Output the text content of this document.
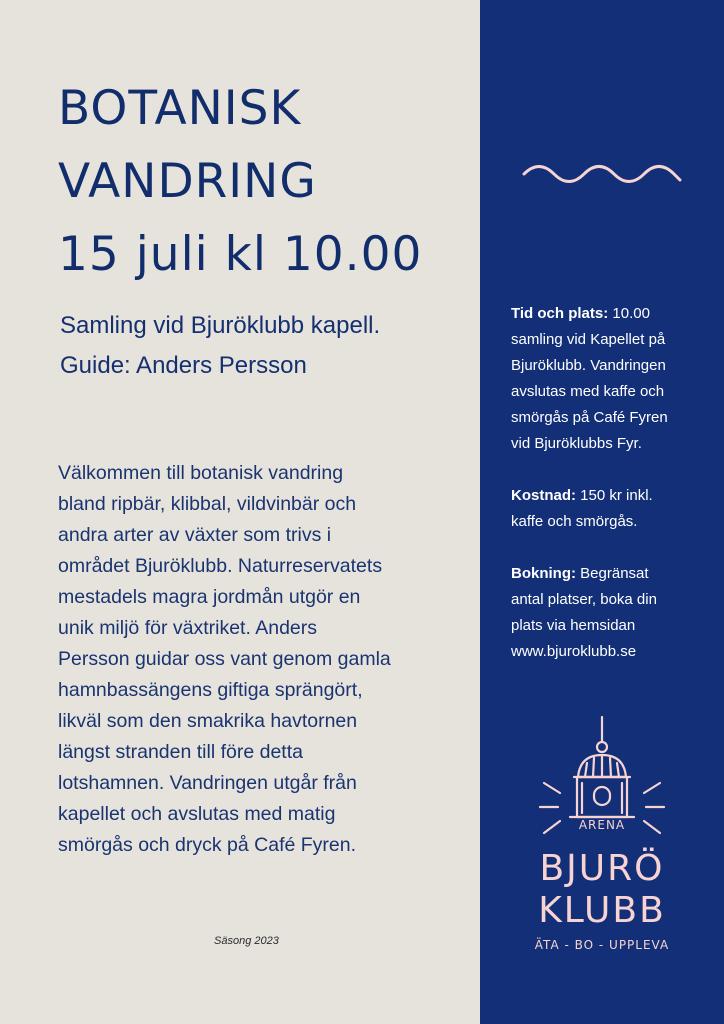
BOTANISK
VANDRING
15 juli kl 10.00
Samling vid Bjuröklubb kapell.
Guide: Anders Persson
Välkommen till botanisk vandring
bland ripbär, klibbal, vildvinbär och
andra arter av växter som trivs i
området Bjuröklubb. Naturreservatets
mestadels magra jordmån utgör en
unik miljö för växtriket. Anders
Persson guidar oss vant genom gamla
hamnbassängens giftiga sprängört,
likväl som den smakrika havtornen
längst stranden till före detta
lotshamnen. Vandringen utgår från
kapellet och avslutas med matig
smörgås och dryck på Café Fyren.
Säsong 2023

Tid och plats: 10.00
samling vid Kapellet på
Bjuröklubb. Vandringen
avslutas med kaffe och
smörgås på Café Fyren
vid Bjuröklubbs Fyr.

Kostnad: 150 kr inkl.
kaffe och smörgås.

Bokning: Begränsat
antal platser, boka din
plats via hemsidan
www.bjuroklubb.se

ARENA
BJURÖ
KLUBB
ÄTA - BO - UPPLEVA
